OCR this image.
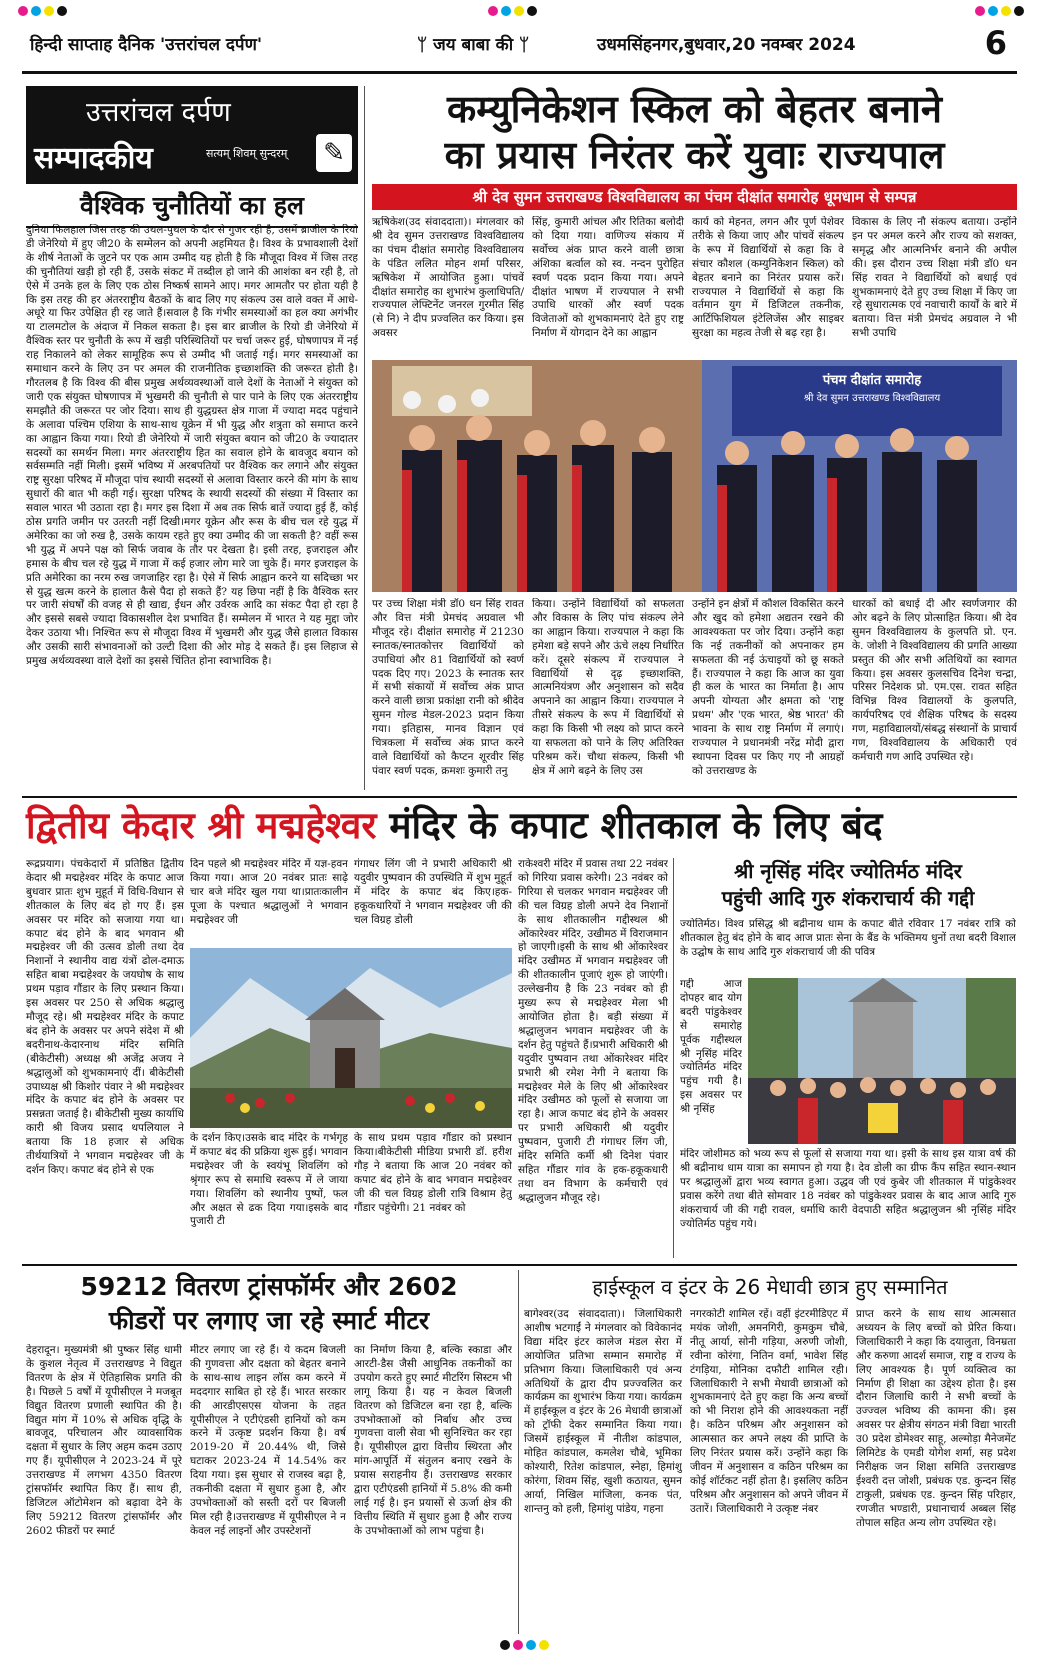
हिन्दी साप्ताह दैनिक 'उत्तरांचल दर्पण'	ᛘ जय बाबा की ᛘ	उधमसिंहनगर,बुधवार,20 नवम्बर 2024	6
उत्तरांचल दर्पण
सम्पादकीय	सत्यम् शिवम् सुन्दरम् ✎
वैश्विक चुनौतियों का हल
दुनिया फिलहाल जिस तरह की उथल-पुथल के दौर से गुजर रही है, उसमें ब्राजील के रियो डी जेनेरियो में हुए जी20 के सम्मेलन को अपनी अहमियत है। विश्व के प्रभावशाली देशों के शीर्ष नेताओं के जुटने पर एक आम उम्मीद यह होती है कि मौजूदा विश्व में जिस तरह की चुनौतियां खड़ी हो रही हैं, उसके संकट में तब्दील हो जाने की आशंका बन रही है, तो ऐसे में उनके हल के लिए एक ठोस निष्कर्ष सामने आए। मगर आमतौर पर होता यही है कि इस तरह की हर अंतरराष्ट्रीय बैठकों के बाद लिए गए संकल्प उस वाले वक्त में आधे-अधूरे या फिर उपेक्षित ही रह जाते हैं।सवाल है कि गंभीर समस्याओं का हल क्या अगंभीर या टालमटोल के अंदाज में निकल सकता है। इस बार ब्राजील के रियो डी जेनेरियो में वैश्विक स्तर पर चुनौती के रूप में खड़ी परिस्थितियों पर चर्चा जरूर हुई, घोषणापत्र में नई राह निकालने को लेकर सामूहिक रूप से उम्मीद भी जताई गई। मगर समस्याओं का समाधान करने के लिए उन पर अमल की राजनीतिक इच्छाशक्ति की जरूरत होती है। गौरतलब है कि विश्व की बीस प्रमुख अर्थव्यवस्थाओं वाले देशों के नेताओं ने संयुक्त को जारी एक संयुक्त घोषणापत्र में भुखमरी की चुनौती से पार पाने के लिए एक अंतरराष्ट्रीय समझौते की जरूरत पर जोर दिया। साथ ही युद्धग्रस्त क्षेत्र गाजा में ज्यादा मदद पहुंचाने के अलावा पश्चिम एशिया के साथ-साथ यूक्रेन में भी युद्ध और शत्रुता को समाप्त करने का आह्वान किया गया। रियो डी जेनेरियो में जारी संयुक्त बयान को जी20 के ज्यादातर सदस्यों का समर्थन मिला। मगर अंतरराष्ट्रीय हित का सवाल होने के बावजूद बयान को सर्वसम्मति नहीं मिली। इसमें भविष्य में अरबपतियों पर वैश्विक कर लगाने और संयुक्त राष्ट्र सुरक्षा परिषद में मौजूदा पांच स्थायी सदस्यों से अलावा विस्तार करने की मांग के साथ सुधारों की बात भी कही गई। सुरक्षा परिषद के स्थायी सदस्यों की संख्या में विस्तार का सवाल भारत भी उठाता रहा है। मगर इस दिशा में अब तक सिर्फ बातें ज्यादा हुई हैं, कोई ठोस प्रगति जमीन पर उतरती नहीं दिखी।मगर यूक्रेन और रूस के बीच चल रहे युद्ध में अमेरिका का जो रुख है, उसके कायम रहते हुए क्या उम्मीद की जा सकती है? वहीं रूस भी युद्ध में अपने पक्ष को सिर्फ जवाब के तौर पर देखता है। इसी तरह, इजराइल और हमास के बीच चल रहे युद्ध में गाजा में कई हजार लोग मारे जा चुके हैं। मगर इजराइल के प्रति अमेरिका का नरम रुख जगजाहिर रहा है। ऐसे में सिर्फ आह्वान करने या सदिच्छा भर से युद्ध खत्म करने के हालात कैसे पैदा हो सकते हैं? यह छिपा नहीं है कि वैश्विक स्तर पर जारी संघर्षों की वजह से ही खाद्य, ईंधन और उर्वरक आदि का संकट पैदा हो रहा है और इससे सबसे ज्यादा विकासशील देश प्रभावित हैं। सम्मेलन में भारत ने यह मुद्दा जोर देकर उठाया भी। निश्चित रूप से मौजूदा विश्व में भुखमरी और युद्ध जैसे हालात विकास और उसकी सारी संभावनाओं को उल्टी दिशा की ओर मोड़ दे सकते हैं। इस लिहाज से प्रमुख अर्थव्यवस्था वाले देशों का इससे चिंतित होना स्वाभाविक है।
कम्युनिकेशन स्किल को बेहतर बनाने
का प्रयास निरंतर करें युवाः राज्यपाल
श्री देव सुमन उत्तराखण्ड विश्वविद्यालय का पंचम दीक्षांत समारोह धूमधाम से सम्पन्न
ऋषिकेश(उद संवाददाता)। मंगलवार को श्री देव सुमन उत्तराखण्ड विश्वविद्यालय का पंचम दीक्षांत समारोह विश्वविद्यालय के पंडित ललित मोहन शर्मा परिसर, ऋषिकेश में आयोजित हुआ। पांचवें दीक्षांत समारोह का शुभारंभ कुलाधिपति/राज्यपाल लेफ्टिनेंट जनरल गुरमीत सिंह (से नि) ने दीप प्रज्वलित कर किया। इस अवसर
सिंह, कुमारी आंचल और रितिका बलोदी को दिया गया। वाणिज्य संकाय में सर्वोच्च अंक प्राप्त करने वाली छात्रा अंशिका बर्त्वाल को स्व. नन्दन पुरोहित स्वर्ण पदक प्रदान किया गया। अपने दीक्षांत भाषण में राज्यपाल ने सभी उपाधि धारकों और स्वर्ण पदक विजेताओं को शुभकामनाएं देते हुए राष्ट्र निर्माण में योगदान देने का आह्वान
कार्य को मेहनत, लगन और पूर्ण पेशेवर तरीके से किया जाए और पांचवें संकल्प के रूप में विद्यार्थियों से कहा कि वे संचार कौशल (कम्युनिकेशन स्किल) को बेहतर बनाने का निरंतर प्रयास करें। राज्यपाल ने विद्यार्थियों से कहा कि वर्तमान युग में डिजिटल तकनीक, आर्टिफिशियल इंटेलिजेंस और साइबर सुरक्षा का महत्व तेजी से बढ़ रहा है।
विकास के लिए नौ संकल्प बताया। उन्होंने इन पर अमल करने और राज्य को सशक्त, समृद्ध और आत्मनिर्भर बनाने की अपील की। इस दौरान उच्च शिक्षा मंत्री डॉ0 धन सिंह रावत ने विद्यार्थियों को बधाई एवं शुभकामनाएं देते हुए उच्च शिक्षा में किए जा रहे सुधारात्मक एवं नवाचारी कार्यों के बारे में बताया। वित्त मंत्री प्रेमचंद अग्रवाल ने भी सभी उपाधि
पंचम दीक्षांत समारोह
श्री देव सुमन उत्तराखण्ड विश्वविद्यालय
पर उच्च शिक्षा मंत्री डॉ0 धन सिंह रावत और वित्त मंत्री प्रेमचंद अग्रवाल भी मौजूद रहे। दीक्षांत समारोह में 21230 स्नातक/स्नातकोत्तर विद्यार्थियों को उपाधियां और 81 विद्यार्थियों को स्वर्ण पदक दिए गए। 2023 के स्नातक स्तर में सभी संकायों में सर्वोच्च अंक प्राप्त करने वाली छात्रा प्रकांक्षा रानी को श्रीदेव सुमन गोल्ड मेडल-2023 प्रदान किया गया। इतिहास, मानव विज्ञान एवं चित्रकला में सर्वोच्च अंक प्राप्त करने वाले विद्यार्थियों को कैप्टन शूरवीर सिंह पंवार स्वर्ण पदक, क्रमशः कुमारी तनु
किया। उन्होंने विद्यार्थियों को सफलता और विकास के लिए पांच संकल्प लेने का आह्वान किया। राज्यपाल ने कहा कि हमेशा बड़े सपने और ऊंचे लक्ष्य निर्धारित करें। दूसरे संकल्प में राज्यपाल ने विद्यार्थियों से दृढ़ इच्छाशक्ति, आत्मनियंत्रण और अनुशासन को सदैव अपनाने का आह्वान किया। राज्यपाल ने तीसरे संकल्प के रूप में विद्यार्थियों से कहा कि किसी भी लक्ष्य को प्राप्त करने या सफलता को पाने के लिए अतिरिक्त परिश्रम करें। चौथा संकल्प, किसी भी क्षेत्र में आगे बढ़ने के लिए उस
उन्होंने इन क्षेत्रों में कौशल विकसित करने और खुद को हमेशा अद्यतन रखने की आवश्यकता पर जोर दिया। उन्होंने कहा कि नई तकनीकों को अपनाकर हम सफलता की नई ऊंचाइयों को छू सकते हैं। राज्यपाल ने कहा कि आज का युवा ही कल के भारत का निर्माता है। आप अपनी योग्यता और क्षमता को 'राष्ट्र प्रथम' और 'एक भारत, श्रेष्ठ भारत' की भावना के साथ राष्ट्र निर्माण में लगाएं। राज्यपाल ने प्रधानमंत्री नरेंद्र मोदी द्वारा स्थापना दिवस पर किए गए नौ आग्रहों को उत्तराखण्ड के
धारकों को बधाई दी और स्वर्णजगार की ओर बढ़ने के लिए प्रोत्साहित किया। श्री देव सुमन विश्वविद्यालय के कुलपति प्रो. एन. के. जोशी ने विश्वविद्यालय की प्रगति आख्या प्रस्तुत की और सभी अतिथियों का स्वागत किया। इस अवसर कुलसचिव दिनेश चन्द्रा, परिसर निदेशक प्रो. एम.एस. रावत सहित विभिन्न विश्व विद्यालयों के कुलपति, कार्यपरिषद एवं शैक्षिक परिषद के सदस्य गण, महाविद्यालयों/संबद्ध संस्थानों के प्राचार्य गण, विश्वविद्यालय के अधिकारी एवं कर्मचारी गण आदि उपस्थित रहे।
द्वितीय केदार श्री मद्महेश्वर मंदिर के कपाट शीतकाल के लिए बंद
रूद्रप्रयाग। पंचकेदारों में प्रतिष्ठित द्वितीय केदार श्री मद्महेश्वर मंदिर के कपाट आज बुधवार प्रातः शुभ मुहूर्त में विधि-विधान से शीतकाल के लिए बंद हो गए हैं। इस अवसर पर मंदिर को सजाया गया था। कपाट बंद होने के बाद भगवान श्री मद्महेश्वर जी की उत्सव डोली तथा देव निशानों ने स्थानीय वाद्य यंत्रों ढोल-दमाऊ सहित बाबा मद्महेश्वर के जयघोष के साथ प्रथम पड़ाव गौंडार के लिए प्रस्थान किया। इस अवसर पर 250 से अधिक श्रद्धालु मौजूद रहे। श्री मद्महेश्वर मंदिर के कपाट बंद होने के अवसर पर अपने संदेश में श्री बदरीनाथ-केदारनाथ मंदिर समिति (बीकेटीसी) अध्यक्ष श्री अजेंद्र अजय ने श्रद्धालुओं को शुभकामनाएं दीं। बीकेटीसी उपाध्यक्ष श्री किशोर पंवार ने श्री मद्महेश्वर मंदिर के कपाट बंद होने के अवसर पर प्रसन्नता जताई है। बीकेटीसी मुख्य कार्याधि कारी श्री विजय प्रसाद थपलियाल ने बताया कि 18 हजार से अधिक तीर्थयात्रियों ने भगवान मद्महेश्वर जी के दर्शन किए। कपाट बंद होने से एक
दिन पहले श्री मद्महेश्वर मंदिर में यज्ञ-हवन किया गया। आज 20 नवंबर प्रातः साढ़े चार बजे मंदिर खुल गया था।प्रातःकालीन पूजा के पश्चात श्रद्धालुओं ने भगवान मद्महेश्वर जी
गंगाधर लिंग जी ने प्रभारी अधिकारी श्री यदुवीर पुष्पवान की उपस्थिति में शुभ मुहूर्त में मंदिर के कपाट बंद किए।हक-हकूकधारियों ने भगवान मद्महेश्वर जी की चल विग्रह डोली
के दर्शन किए।उसके बाद मंदिर के गर्भगृह में कपाट बंद की प्रक्रिया शुरू हुई। भगवान मद्महेश्वर जी के स्वयंभू शिवलिंग को श्रृंगार रूप से समाधि स्वरूप में ले जाया गया। शिवलिंग को स्थानीय पुष्पों, फल और अक्षत से ढक दिया गया।इसके बाद पुजारी टी
के साथ प्रथम पड़ाव गौंडार को प्रस्थान किया।बीकेटीसी मीडिया प्रभारी डॉ. हरीश गौड़ ने बताया कि आज 20 नवंबर को कपाट बंद होने के बाद भगवान मद्महेश्वर जी की चल विग्रह डोली रात्रि विश्राम हेतु गौंडार पहुंचेगी। 21 नवंबर को
राकेश्वरी मंदिर में प्रवास तथा 22 नवंबर को गिरिया प्रवास करेगी। 23 नवंबर को गिरिया से चलकर भगवान मद्महेश्वर जी की चल विग्रह डोली अपने देव निशानों के साथ शीतकालीन गद्दीस्थल श्री ओंकारेश्वर मंदिर, उखीमठ में विराजमान हो जाएगी।इसी के साथ श्री ओंकारेश्वर मंदिर उखीमठ में भगवान मद्महेश्वर जी की शीतकालीन पूजाएं शुरू हो जाएंगी।उल्लेखनीय है कि 23 नवंबर को ही मुख्य रूप से मद्महेश्वर मेला भी आयोजित होता है। बड़ी संख्या में श्रद्धालुजन भगवान मद्महेश्वर जी के दर्शन हेतु पहुंचते हैं।प्रभारी अधिकारी श्री यदुवीर पुष्पवान तथा ओंकारेश्वर मंदिर प्रभारी श्री रमेश नेगी ने बताया कि मद्महेश्वर मेले के लिए श्री ओंकारेश्वर मंदिर उखीमठ को फूलों से सजाया जा रहा है। आज कपाट बंद होने के अवसर पर प्रभारी अधिकारी श्री यदुवीर पुष्पवान, पुजारी टी गंगाधर लिंग जी, मंदिर समिति कर्मी श्री दिनेश पंवार सहित गौंडार गांव के हक-हकूकधारी तथा वन विभाग के कर्मचारी एवं श्रद्धालुजन मौजूद रहे।
श्री नृसिंह मंदिर ज्योतिर्मठ मंदिर
पहुंची आदि गुरु शंकराचार्य की गद्दी
ज्योतिर्मठ। विश्व प्रसिद्ध श्री बद्रीनाथ धाम के कपाट बीते रविवार 17 नवंबर रात्रि को शीतकाल हेतु बंद होने के बाद आज प्रातः सेना के बैंड के भक्तिमय धुनों तथा बदरी विशाल के उद्घोष के साथ आदि गुरु शंकराचार्य जी की पवित्र
गद्दी आज दोपहर बाद योग बदरी पांडुकेश्वर से समारोह पूर्वक गद्दीस्थल श्री नृसिंह मंदिर ज्योतिर्मठ मंदिर पहुंच गयी है। इस अवसर पर श्री नृसिंह
मंदिर जोशीमठ को भव्य रूप से फूलों से सजाया गया था। इसी के साथ इस यात्रा वर्ष की श्री बद्रीनाथ धाम यात्रा का समापन हो गया है। देव डोली का ग्रीफ कैंप सहित स्थान-स्थान पर श्रद्धालुओं द्वारा भव्य स्वागत हुआ। उद्धव जी एवं कुबेर जी शीतकाल में पांडुकेश्वर प्रवास करेंगे तथा बीते सोमवार 18 नवंबर को पांडुकेश्वर प्रवास के बाद आज आदि गुरु शंकराचार्य जी की गद्दी रावल, धर्माधि कारी वेदपाठी सहित श्रद्धालुजन श्री नृसिंह मंदिर ज्योतिर्मठ पहुंच गये।
59212 वितरण ट्रांसफॉर्मर और 2602
फीडरों पर लगाए जा रहे स्मार्ट मीटर
देहरादून। मुख्यमंत्री श्री पुष्कर सिंह धामी के कुशल नेतृत्व में उत्तराखण्ड ने विद्युत वितरण के क्षेत्र में ऐतिहासिक प्रगति की है। पिछले 5 वर्षों में यूपीसीएल ने मजबूत विद्युत वितरण प्रणाली स्थापित की है। विद्युत मांग में 10% से अधिक वृद्धि के बावजूद, परिचालन और व्यावसायिक दक्षता में सुधार के लिए अहम कदम उठाए गए हैं। यूपीसीएल ने 2023-24 में पूरे उत्तराखण्ड में लगभग 4350 वितरण ट्रांसफॉर्मर स्थापित किए हैं। साथ ही, डिजिटल ऑटोमेशन को बढ़ावा देने के लिए 59212 वितरण ट्रांसफॉर्मर और 2602 फीडरों पर स्मार्ट
मीटर लगाए जा रहे हैं। ये कदम बिजली की गुणवत्ता और दक्षता को बेहतर बनाने के साथ-साथ लाइन लॉस कम करने में मददगार साबित हो रहे हैं। भारत सरकार की आरडीएसएस योजना के तहत यूपीसीएल ने एटीएंडसी हानियों को कम करने में उत्कृष्ट प्रदर्शन किया है। वर्ष 2019-20 में 20.44% थी, जिसे घटाकर 2023-24 में 14.54% कर दिया गया। इस सुधार से राजस्व बढ़ा है, तकनीकी दक्षता में सुधार हुआ है, और उपभोक्ताओं को सस्ती दरों पर बिजली मिल रही है।उत्तराखण्ड में यूपीसीएल ने न केवल नई लाइनों और उपस्टेशनों
का निर्माण किया है, बल्कि स्काडा और आरटी-डैस जैसी आधुनिक तकनीकों का उपयोग करते हुए स्मार्ट मीटरिंग सिस्टम भी लागू किया है। यह न केवल बिजली वितरण को डिजिटल बना रहा है, बल्कि उपभोक्ताओं को निर्बाध और उच्च गुणवत्ता वाली सेवा भी सुनिश्चित कर रहा है। यूपीसीएल द्वारा वित्तीय स्थिरता और मांग-आपूर्ति में संतुलन बनाए रखने के प्रयास सराहनीय हैं। उत्तराखण्ड सरकार द्वारा एटीएंडसी हानियों में 5.8% की कमी लाई गई है। इन प्रयासों से ऊर्जा क्षेत्र की वित्तीय स्थिति में सुधार हुआ है और राज्य के उपभोक्ताओं को लाभ पहुंचा है।
हाईस्कूल व इंटर के 26 मेधावी छात्र हुए सम्मानित
बागेश्वर(उद संवाददाता)। जिलाधिकारी आशीष भटगाईं ने मंगलवार को विवेकानंद विद्या मंदिर इंटर कालेज मंडल सेरा में आयोजित प्रतिभा सम्मान समारोह में प्रतिभाग किया। जिलाधिकारी एवं अन्य अतिथियों के द्वारा दीप प्रज्ज्वलित कर कार्यक्रम का शुभारंभ किया गया। कार्यक्रम में हाईस्कूल व इंटर के 26 मेधावी छात्राओं को ट्रॉफी देकर सम्मानित किया गया। जिसमें हाईस्कूल में नीतीश कांडपाल, मोहित कांडपाल, कमलेश चौबे, भूमिका कोश्यारी, रितेश कांडपाल, स्नेहा, हिमांशु कोरंगा, शिवम सिंह, खुशी कठायत, सुमन आर्या, निखिल मांजिला, कनक पंत, शान्तनु को हली, हिमांशु पांडेय, गहना
नगरकोटी शामिल रहें। वहीं इंटरमीडिएट में मयंक जोशी, अमनगिरी, कुमकुम चौबे, नीतू आर्या, सोनी गड़िया, अरुणी जोशी, रवीना कोरंगा, नितिन वर्मा, भावेश सिंह टंगड़िया, मोनिका दफौटी शामिल रही।जिलाधिकारी ने सभी मेधावी छात्राओं को शुभकामनाएं देते हुए कहा कि अन्य बच्चों को भी निराश होने की आवश्यकता नहीं है। कठिन परिश्रम और अनुशासन को आत्मसात कर अपने लक्ष्य की प्राप्ति के लिए निरंतर प्रयास करें। उन्होंने कहा कि जीवन में अनुशासन व कठिन परिश्रम का कोई शॉर्टकट नहीं होता है। इसलिए कठिन परिश्रम और अनुशासन को अपने जीवन में उतारें। जिलाधिकारी ने उत्कृष्ट नंबर
प्राप्त करने के साथ साथ आत्मसात अध्ययन के लिए बच्चों को प्रेरित किया। जिलाधिकारी ने कहा कि दयालुता, विनम्रता और करुणा आदर्श समाज, राष्ट्र व राज्य के लिए आवश्यक है। पूर्ण व्यक्तित्व का निर्माण ही शिक्षा का उद्देश्य होता है। इस दौरान जिलाधि कारी ने सभी बच्चों के उज्ज्वल भविष्य की कामना की। इस अवसर पर क्षेत्रीय संगठन मंत्री विद्या भारती उ0 प्रदेश डोमेश्वर साहू, अल्मोड़ा मैनेजमेंट लिमिटेड के एमडी योगेश शर्मा, सह प्रदेश निरीक्षक जन शिक्षा समिति उत्तराखण्ड ईश्वरी दत्त जोशी, प्रबंधक एड. कुन्दन सिंह टाकुली, प्रबंधक एड. कुन्दन सिंह परिहार, रणजीत भण्डारी, प्रधानाचार्य अब्बल सिंह तोपाल सहित अन्य लोग उपस्थित रहे।
